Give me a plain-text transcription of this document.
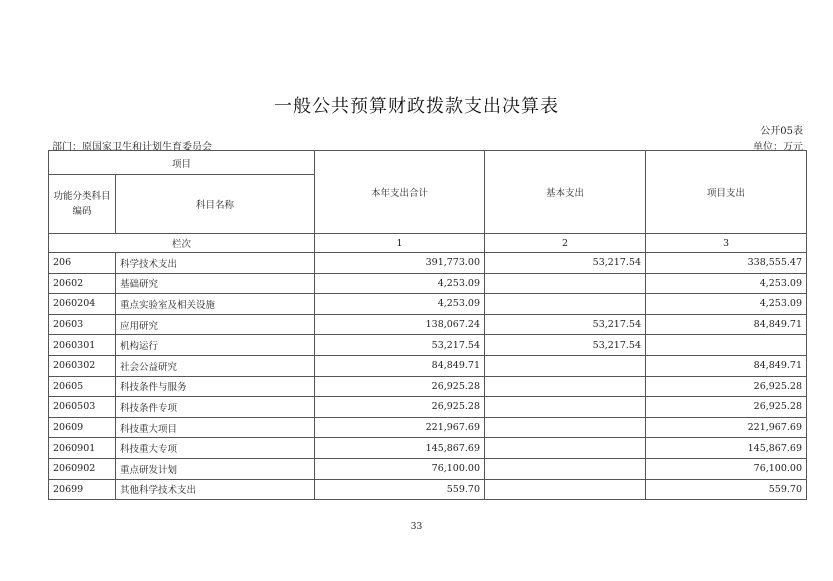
一般公共预算财政拨款支出决算表
公开05表
部门：原国家卫生和计划生育委员会	单位：万元
项目		本年支出合计	基本支出	项目支出
功能分类科目编码	科目名称			
栏次		1	2	3
206	科学技术支出	391,773.00	53,217.54	338,555.47
20602	基础研究	4,253.09		4,253.09
2060204	重点实验室及相关设施	4,253.09		4,253.09
20603	应用研究	138,067.24	53,217.54	84,849.71
2060301	机构运行	53,217.54	53,217.54	
2060302	社会公益研究	84,849.71		84,849.71
20605	科技条件与服务	26,925.28		26,925.28
2060503	科技条件专项	26,925.28		26,925.28
20609	科技重大项目	221,967.69		221,967.69
2060901	科技重大专项	145,867.69		145,867.69
2060902	重点研发计划	76,100.00		76,100.00
20699	其他科学技术支出	559.70		559.70
33
